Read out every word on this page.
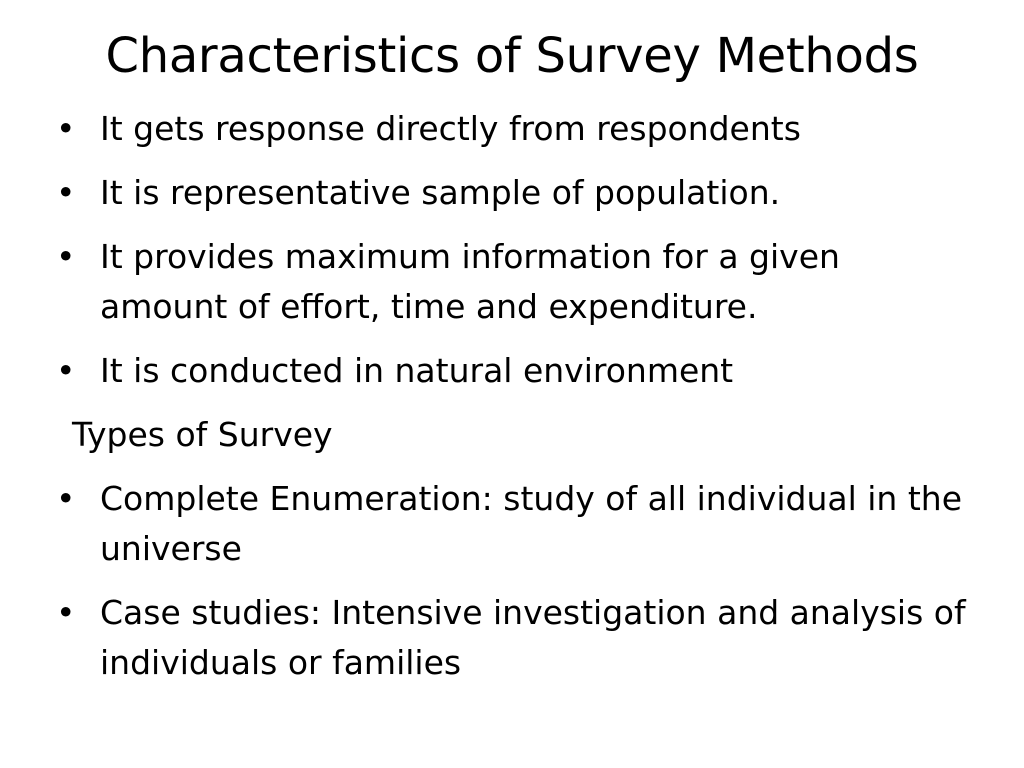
Characteristics of Survey Methods
• It gets response directly from respondents
• It is representative sample of population.
• It provides maximum information for a given amount of effort, time and expenditure.
• It is conducted in natural environment
Types of Survey
• Complete Enumeration: study of all individual in the universe
• Case studies: Intensive investigation and analysis of individuals or families
